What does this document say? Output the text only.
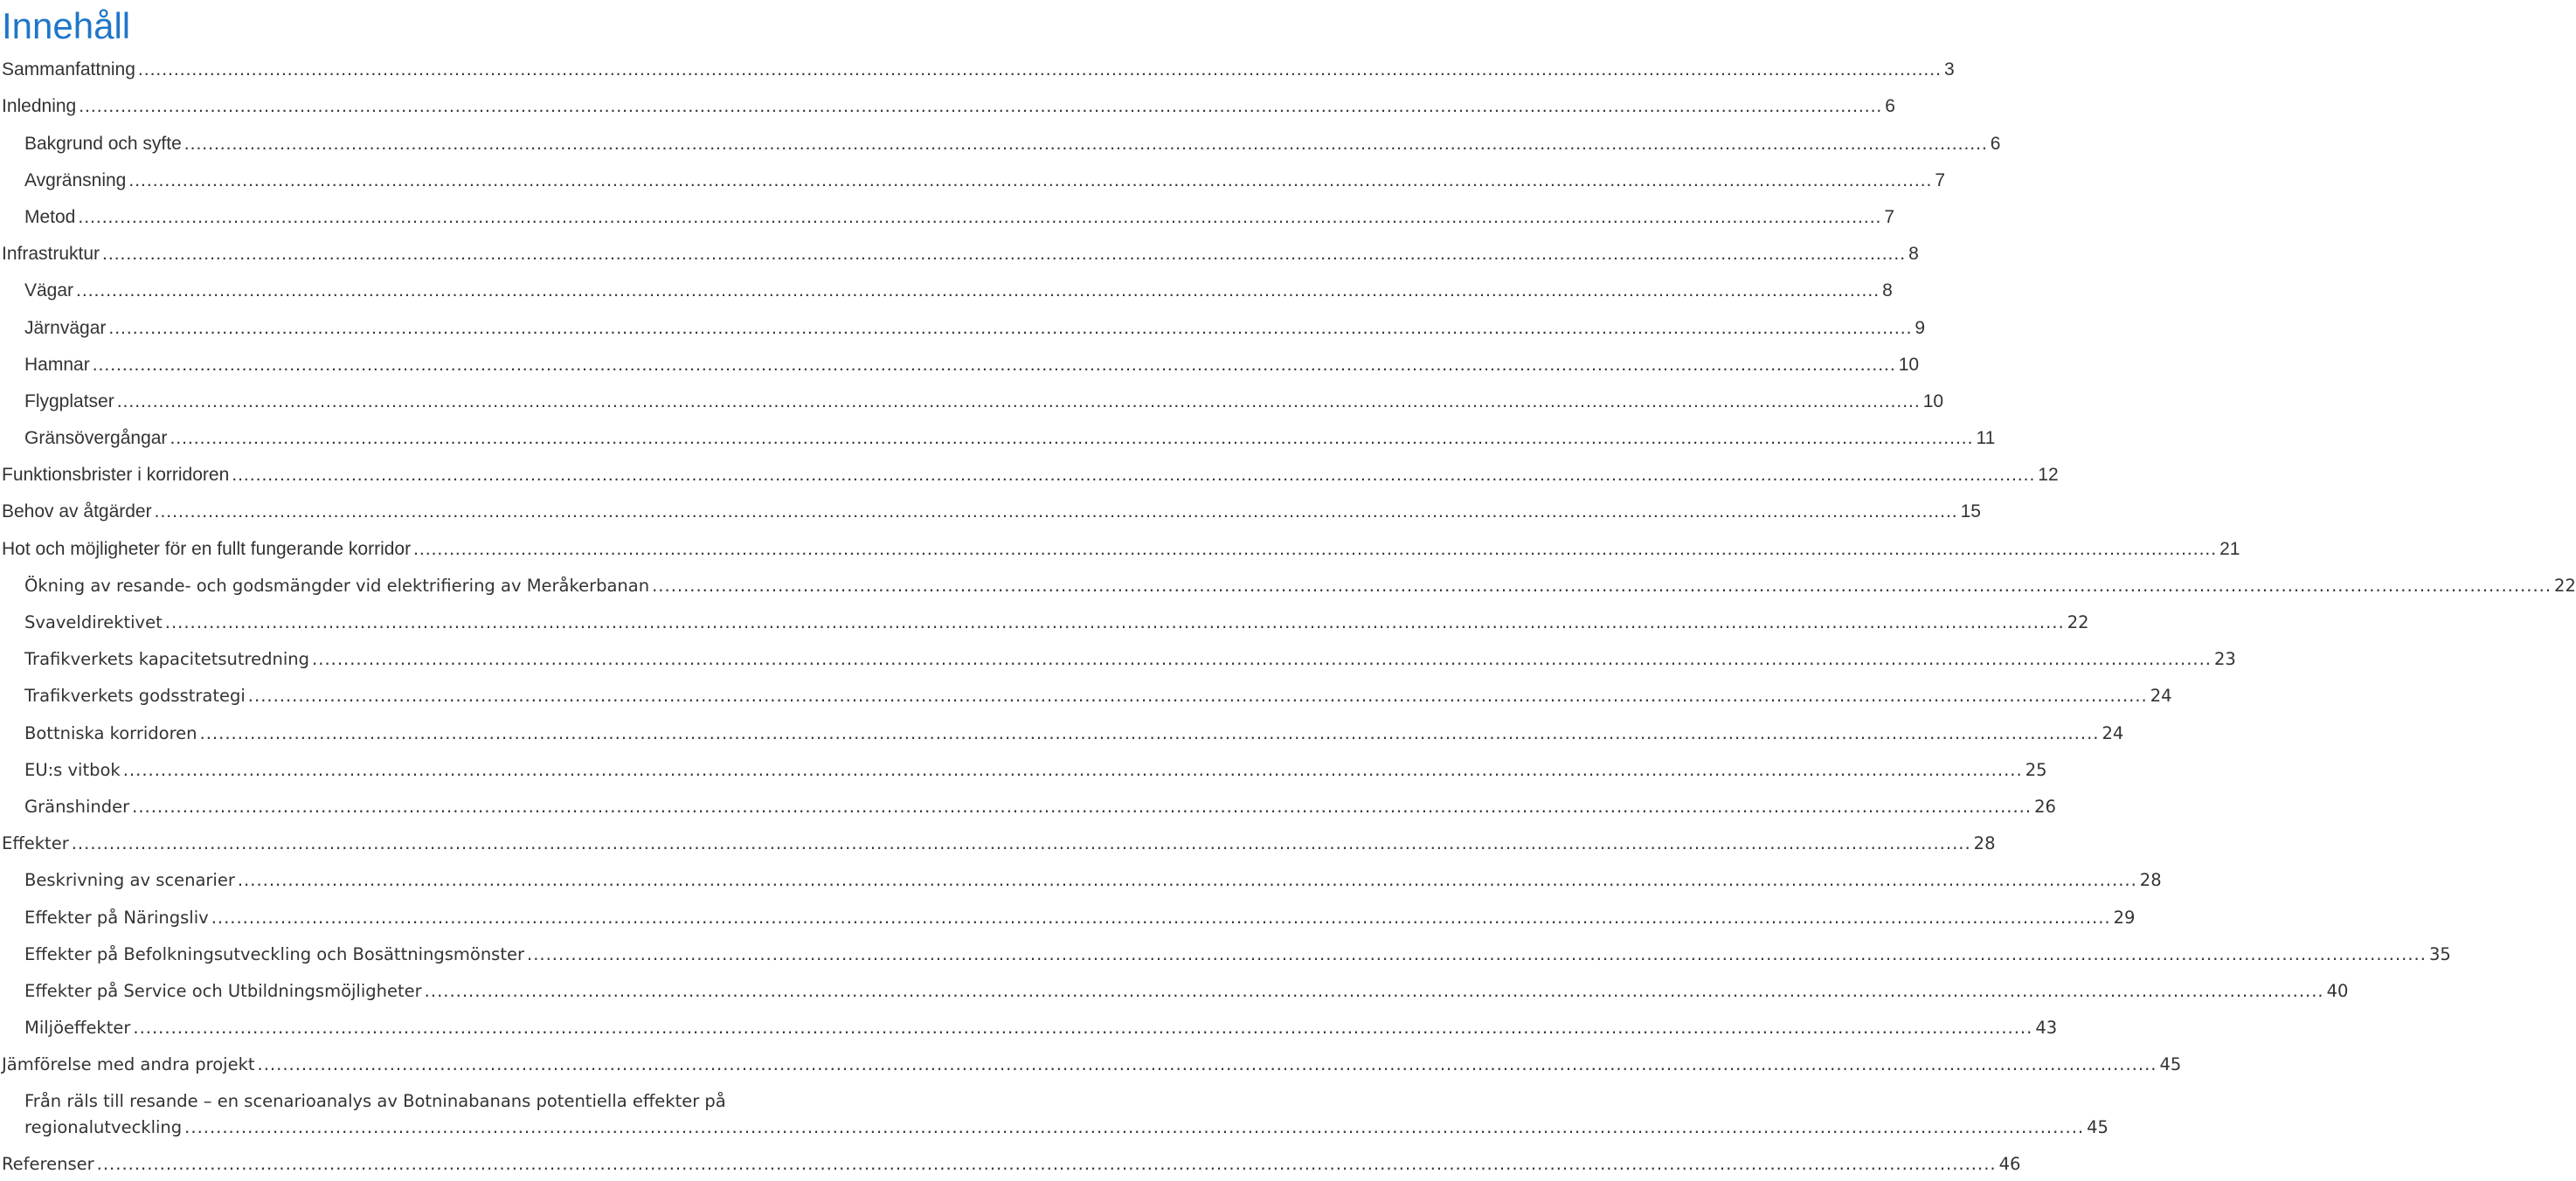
Innehåll
Sammanfattning .....	3
Inledning .....	6
Bakgrund och syfte .....	6
Avgränsning .....	7
Metod .....	7
Infrastruktur .....	8
Vägar .....	8
Järnvägar .....	9
Hamnar .....	10
Flygplatser .....	10
Gränsövergångar .....	11
Funktionsbrister i korridoren .....	12
Behov av åtgärder .....	15
Hot och möjligheter för en fullt fungerande korridor .....	21
Ökning av resande- och godsmängder vid elektrifiering av Meråkerbanan .....	22
Svaveldirektivet .....	22
Trafikverkets kapacitetsutredning .....	23
Trafikverkets godsstrategi .....	24
Bottniska korridoren .....	24
EU:s vitbok .....	25
Gränshinder .....	26
Effekter .....	28
Beskrivning av scenarier .....	28
Effekter på Näringsliv .....	29
Effekter på Befolkningsutveckling och Bosättningsmönster .....	35
Effekter på Service och Utbildningsmöjligheter .....	40
Miljöeffekter .....	43
Jämförelse med andra projekt .....	45
Från räls till resande – en scenarioanalys av Botninabanans potentiella effekter på
regionalutveckling .....	45
Referenser .....	46
